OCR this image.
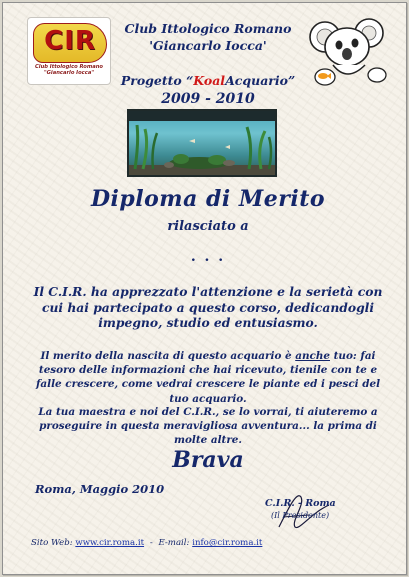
CIR
Club Ittologico Romano
"Giancarlo Iocca"
Club Ittologico Romano
'Giancarlo Iocca'
Progetto “KoalAcquario”
2009 - 2010
Diploma di Merito
rilasciato a
. . .
Il C.I.R. ha apprezzato l'attenzione e la serietà con cui hai partecipato a questo corso, dedicandogli impegno, studio ed entusiasmo.
Il merito della nascita di questo acquario è anche tuo: fai tesoro delle informazioni che hai ricevuto, tienile con te e falle crescere, come vedrai crescere le piante ed i pesci del tuo acquario.
La tua maestra e noi del C.I.R., se lo vorrai, ti aiuteremo a proseguire in questa meravigliosa avventura... la prima di molte altre.
Brava
Roma, Maggio 2010
C.I.R. - Roma
(Il Presidente)
Sito Web: www.cir.roma.it - E-mail: info@cir.roma.it
